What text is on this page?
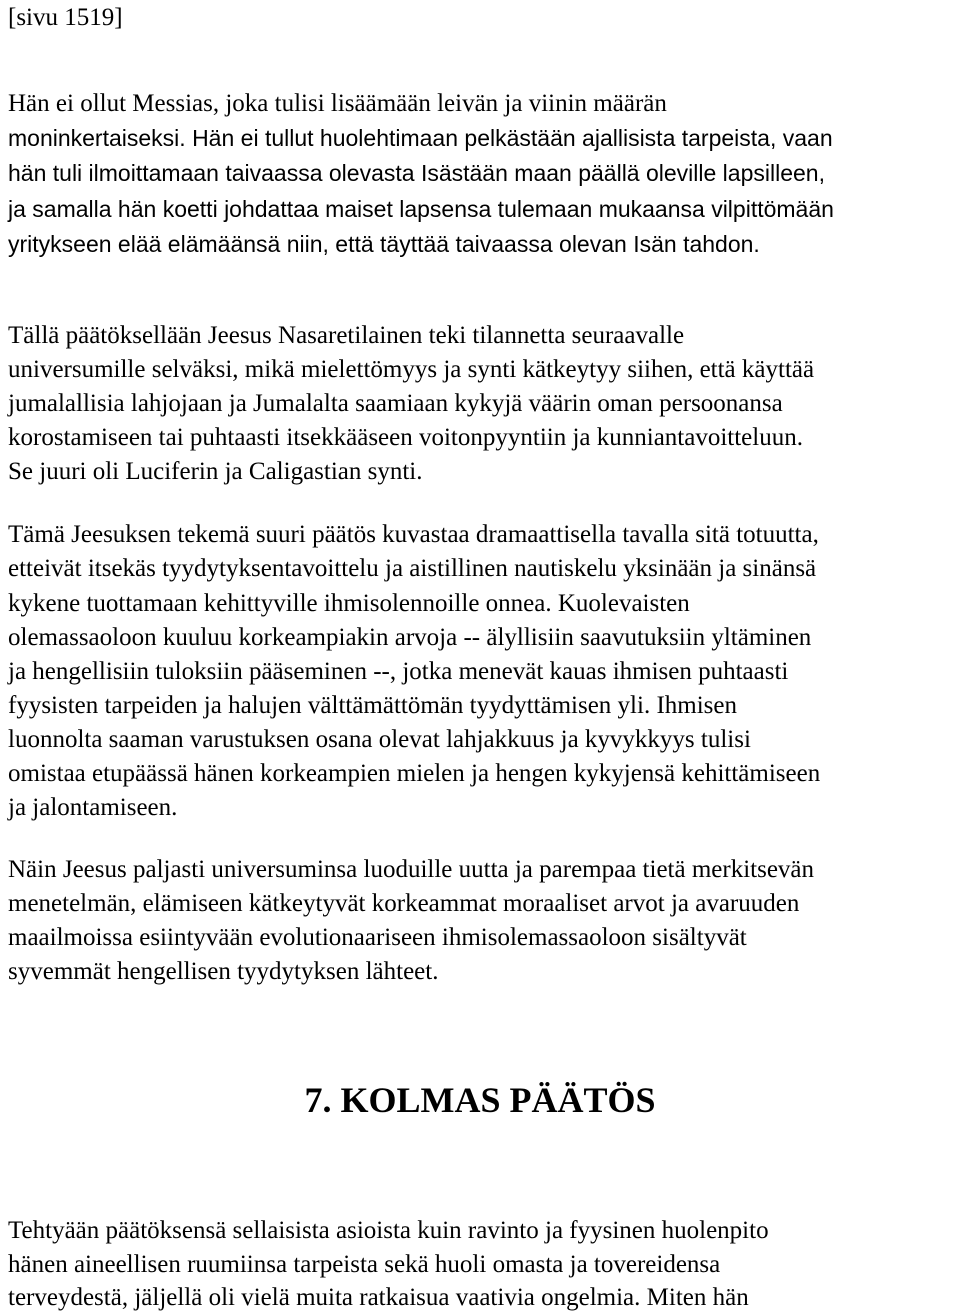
[sivu 1519]

Hän ei ollut Messias, joka tulisi lisäämään leivän ja viinin määrän

moninkertaiseksi. Hän ei tullut huolehtimaan pelkästään ajallisista tarpeista, vaan

hän tuli ilmoittamaan taivaassa olevasta Isästään maan päällä oleville lapsilleen,

ja samalla hän koetti johdattaa maiset lapsensa tulemaan mukaansa vilpittömään

yritykseen elää elämäänsä niin, että täyttää taivaassa olevan Isän tahdon.

Tällä päätöksellään Jeesus Nasaretilainen teki tilannetta seuraavalle

universumille selväksi, mikä mielettömyys ja synti kätkeytyy siihen, että käyttää

jumalallisia lahjojaan ja Jumalalta saamiaan kykyjä väärin oman persoonansa

korostamiseen tai puhtaasti itsekkääseen voitonpyyntiin ja kunniantavoitteluun.

Se juuri oli Luciferin ja Caligastian synti.

Tämä Jeesuksen tekemä suuri päätös kuvastaa dramaattisella tavalla sitä totuutta,

etteivät itsekäs tyydytyksentavoittelu ja aistillinen nautiskelu yksinään ja sinänsä

kykene tuottamaan kehittyville ihmisolennoille onnea. Kuolevaisten

olemassaoloon kuuluu korkeampiakin arvoja -- älyllisiin saavutuksiin yltäminen

ja hengellisiin tuloksiin pääseminen --, jotka menevät kauas ihmisen puhtaasti

fyysisten tarpeiden ja halujen välttämättömän tyydyttämisen yli. Ihmisen

luonnolta saaman varustuksen osana olevat lahjakkuus ja kyvykkyys tulisi

omistaa etupäässä hänen korkeampien mielen ja hengen kykyjensä kehittämiseen

ja jalontamiseen.

Näin Jeesus paljasti universuminsa luoduille uutta ja parempaa tietä merkitsevän

menetelmän, elämiseen kätkeytyvät korkeammat moraaliset arvot ja avaruuden

maailmoissa esiintyvään evolutionaariseen ihmisolemassaoloon sisältyvät

syvemmät hengellisen tyydytyksen lähteet.

7. KOLMAS PÄÄTÖS

Tehtyään päätöksensä sellaisista asioista kuin ravinto ja fyysinen huolenpito

hänen aineellisen ruumiinsa tarpeista sekä huoli omasta ja tovereidensa

terveydestä, jäljellä oli vielä muita ratkaisua vaativia ongelmia. Miten hän
